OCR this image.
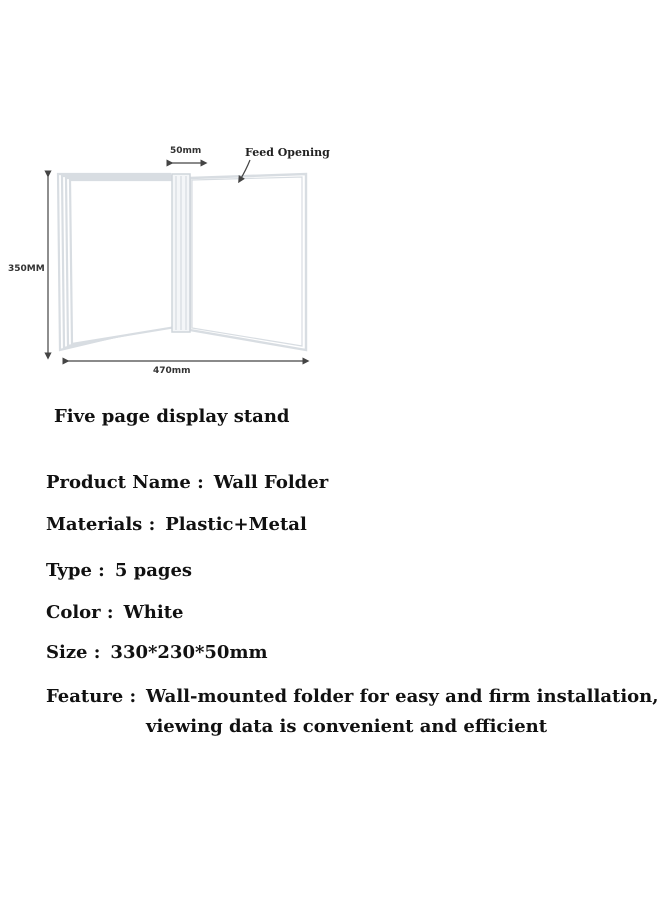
50mm	Feed Opening
350MM
470mm
Five page display stand
Product Name : Wall Folder
Materials : Plastic+Metal
Type : 5 pages
Color : White
Size : 330*230*50mm
Feature : Wall-mounted folder for easy and firm installation,
viewing data is convenient and efficient
